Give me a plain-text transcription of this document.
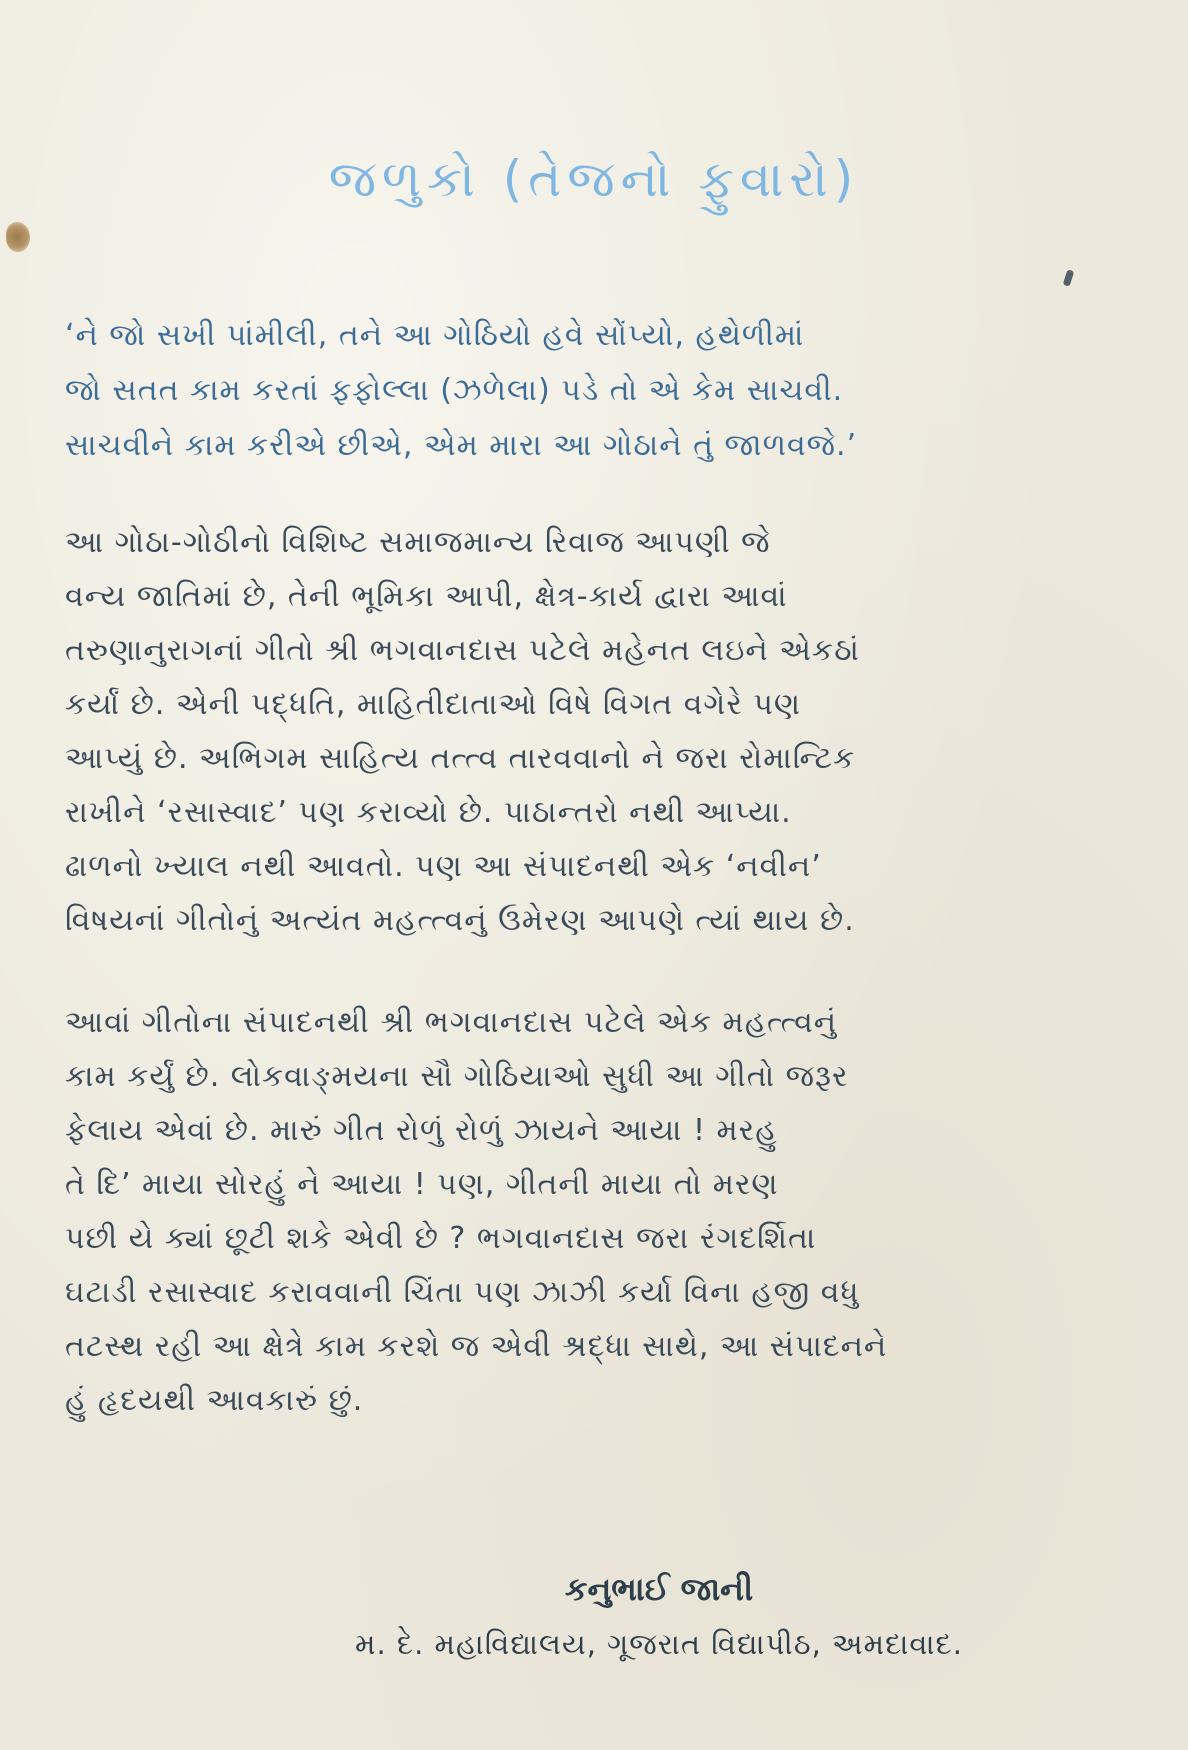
જળુકો (તેજનો ફુવારો)
‘ને જો સખી પાંમીલી, તને આ ગોઠિયો હવે સોંપ્યો, હથેળીમાં
જો સતત કામ કરતાં ફફોલ્લા (ઝળેલા) પડે તો એ કેમ સાચવી.
સાચવીને કામ કરીએ છીએ, એમ મારા આ ગોઠાને તું જાળવજે.’
આ ગોઠા-ગોઠીનો વિશિષ્ટ સમાજમાન્ય રિવાજ આપણી જે
વન્ય જાતિમાં છે, તેની ભૂમિકા આપી, ક્ષેત્ર-કાર્ય દ્વારા આવાં
તરુણાનુરાગનાં ગીતો શ્રી ભગવાનદાસ પટેલે મહેનત લઇને એકઠાં
કર્યાં છે. એની પદ્ધતિ, માહિતીદાતાઓ વિષે વિગત વગેરે પણ
આપ્યું છે. અભિગમ સાહિત્ય તત્ત્વ તારવવાનો ને જરા રોમાન્ટિક
રાખીને ‘રસાસ્વાદ’ પણ કરાવ્યો છે. પાઠાન્તરો નથી આપ્યા.
ઢાળનો ખ્યાલ નથી આવતો. પણ આ સંપાદનથી એક ‘નવીન’
વિષયનાં ગીતોનું અત્યંત મહત્ત્વનું ઉમેરણ આપણે ત્યાં થાય છે.
આવાં ગીતોના સંપાદનથી શ્રી ભગવાનદાસ પટેલે એક મહત્ત્વનું
કામ કર્યું છે. લોકવાઙ્મયના સૌ ગોઠિયાઓ સુધી આ ગીતો જરૂર
ફેલાય એવાં છે. મારું ગીત રોળું રોળું ઝાયને આયા ! મરહુ
તે દિ’ માયા સોરહું ને આયા ! પણ, ગીતની માયા તો મરણ
પછી યે ક્યાં છૂટી શકે એવી છે ? ભગવાનદાસ જરા રંગદર્શિતા
ઘટાડી રસાસ્વાદ કરાવવાની ચિંતા પણ ઝાઝી કર્યા વિના હજી વધુ
તટસ્થ રહી આ ક્ષેત્રે કામ કરશે જ એવી શ્રદ્ધા સાથે, આ સંપાદનને
હું હૃદયથી આવકારું છું.
કનુભાઈ જાની
મ. દે. મહાવિદ્યાલય, ગૂજરાત વિદ્યાપીઠ, અમદાવાદ.
